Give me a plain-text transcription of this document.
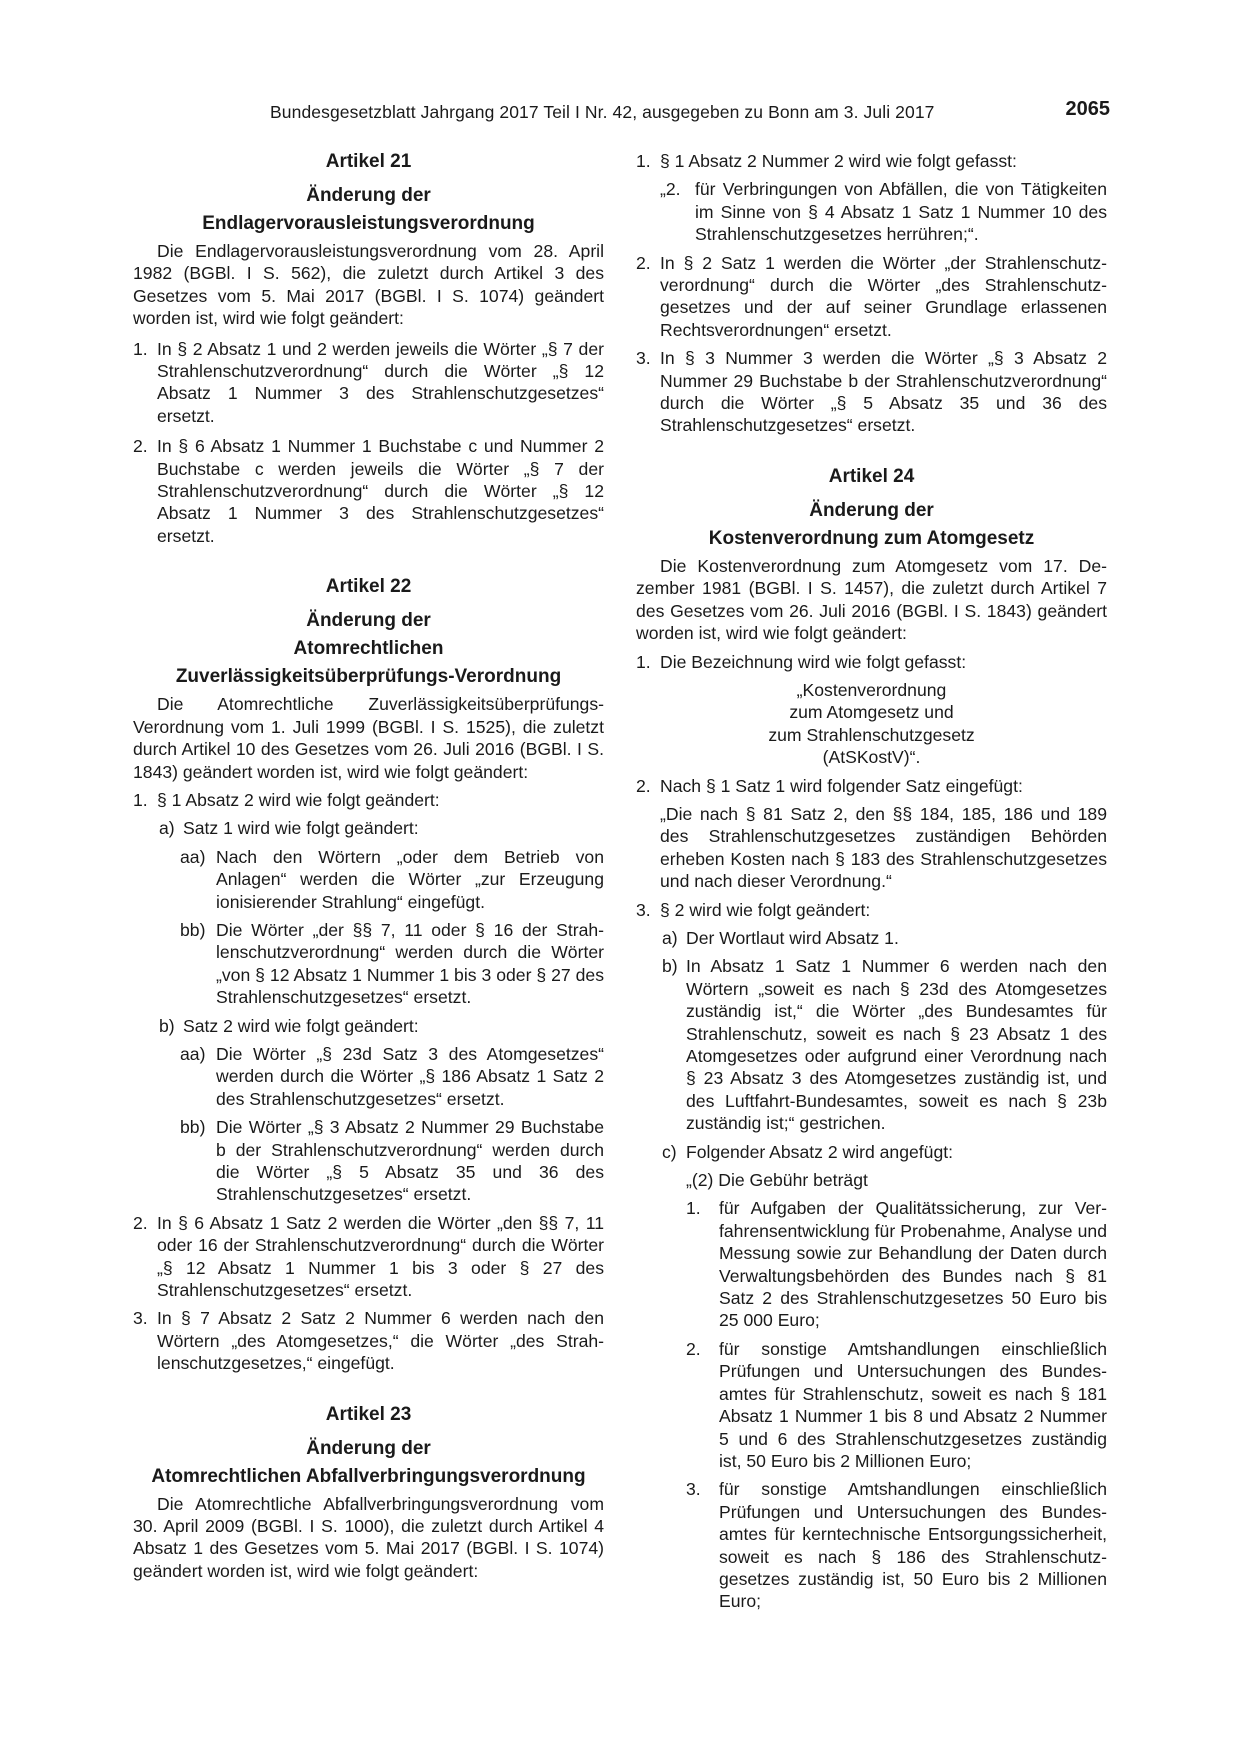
Bundesgesetzblatt Jahrgang 2017 Teil I Nr. 42, ausgegeben zu Bonn am 3. Juli 2017	2065
Artikel 21
Änderung der
Endlagervorausleistungsverordnung

Die Endlagervorausleistungsverordnung vom 28. April 1982 (BGBl. I S. 562), die zuletzt durch Artikel 3 des Gesetzes vom 5. Mai 2017 (BGBl. I S. 1074) geändert worden ist, wird wie folgt geändert:

1. In § 2 Absatz 1 und 2 werden jeweils die Wörter „§ 7 der Strahlenschutzverordnung“ durch die Wörter „§ 12 Absatz 1 Nummer 3 des Strahlenschutzgesetzes“ ersetzt.
2. In § 6 Absatz 1 Nummer 1 Buchstabe c und Nummer 2 Buchstabe c werden jeweils die Wörter „§ 7 der Strahlenschutzverordnung“ durch die Wörter „§ 12 Absatz 1 Nummer 3 des Strahlenschutzgesetzes“ ersetzt.
Artikel 22
Änderung der
Atomrechtlichen
Zuverlässigkeitsüberprüfungs-Verordnung

Die Atomrechtliche Zuverlässigkeitsüberprüfungs-Verordnung vom 1. Juli 1999 (BGBl. I S. 1525), die zuletzt durch Artikel 10 des Gesetzes vom 26. Juli 2016 (BGBl. I S. 1843) geändert worden ist, wird wie folgt geändert:

1. § 1 Absatz 2 wird wie folgt geändert:
a) Satz 1 wird wie folgt geändert:
aa) Nach den Wörtern „oder dem Betrieb von Anlagen“ werden die Wörter „zur Erzeugung ionisierender Strahlung“ eingefügt.
bb) Die Wörter „der §§ 7, 11 oder § 16 der Strahlenschutzverordnung“ werden durch die Wörter „von § 12 Absatz 1 Nummer 1 bis 3 oder § 27 des Strahlenschutzgesetzes“ ersetzt.
b) Satz 2 wird wie folgt geändert:
aa) Die Wörter „§ 23d Satz 3 des Atomgesetzes“ werden durch die Wörter „§ 186 Absatz 1 Satz 2 des Strahlenschutzgesetzes“ ersetzt.
bb) Die Wörter „§ 3 Absatz 2 Nummer 29 Buchstabe b der Strahlenschutzverordnung“ werden durch die Wörter „§ 5 Absatz 35 und 36 des Strahlenschutzgesetzes“ ersetzt.
2. In § 6 Absatz 1 Satz 2 werden die Wörter „den §§ 7, 11 oder 16 der Strahlenschutzverordnung“ durch die Wörter „§ 12 Absatz 1 Nummer 1 bis 3 oder § 27 des Strahlenschutzgesetzes“ ersetzt.
3. In § 7 Absatz 2 Satz 2 Nummer 6 werden nach den Wörtern „des Atomgesetzes,“ die Wörter „des Strahlenschutzgesetzes,“ eingefügt.
Artikel 23
Änderung der
Atomrechtlichen Abfallverbringungsverordnung

Die Atomrechtliche Abfallverbringungsverordnung vom 30. April 2009 (BGBl. I S. 1000), die zuletzt durch Artikel 4 Absatz 1 des Gesetzes vom 5. Mai 2017 (BGBl. I S. 1074) geändert worden ist, wird wie folgt geändert:

1. § 1 Absatz 2 Nummer 2 wird wie folgt gefasst:
„2. für Verbringungen von Abfällen, die von Tätigkeiten im Sinne von § 4 Absatz 1 Satz 1 Nummer 10 des Strahlenschutzgesetzes herrühren;“.
2. In § 2 Satz 1 werden die Wörter „der Strahlenschutzverordnung“ durch die Wörter „des Strahlenschutzgesetzes und der auf seiner Grundlage erlassenen Rechtsverordnungen“ ersetzt.
3. In § 3 Nummer 3 werden die Wörter „§ 3 Absatz 2 Nummer 29 Buchstabe b der Strahlenschutzverordnung“ durch die Wörter „§ 5 Absatz 35 und 36 des Strahlenschutzgesetzes“ ersetzt.
Artikel 24
Änderung der
Kostenverordnung zum Atomgesetz

Die Kostenverordnung zum Atomgesetz vom 17. Dezember 1981 (BGBl. I S. 1457), die zuletzt durch Artikel 7 des Gesetzes vom 26. Juli 2016 (BGBl. I S. 1843) geändert worden ist, wird wie folgt geändert:

1. Die Bezeichnung wird wie folgt gefasst:
„Kostenverordnung
zum Atomgesetz und
zum Strahlenschutzgesetz
(AtSKostV)“.
2. Nach § 1 Satz 1 wird folgender Satz eingefügt:

„Die nach § 81 Satz 2, den §§ 184, 185, 186 und 189 des Strahlenschutzgesetzes zuständigen Behörden erheben Kosten nach § 183 des Strahlenschutzgesetzes und nach dieser Verordnung.“

3. § 2 wird wie folgt geändert:
a) Der Wortlaut wird Absatz 1.
b) In Absatz 1 Satz 1 Nummer 6 werden nach den Wörtern „soweit es nach § 23d des Atomgesetzes zuständig ist,“ die Wörter „des Bundesamtes für Strahlenschutz, soweit es nach § 23 Absatz 1 des Atomgesetzes oder aufgrund einer Verordnung nach § 23 Absatz 3 des Atomgesetzes zuständig ist, und des Luftfahrt-Bundesamtes, soweit es nach § 23b zuständig ist;“ gestrichen.
c) Folgender Absatz 2 wird angefügt:
„(2) Die Gebühr beträgt
1. für Aufgaben der Qualitätssicherung, zur Verfahrensentwicklung für Probenahme, Analyse und Messung sowie zur Behandlung der Daten durch Verwaltungsbehörden des Bundes nach § 81 Satz 2 des Strahlenschutzgesetzes 50 Euro bis 25 000 Euro;
2. für sonstige Amtshandlungen einschließlich Prüfungen und Untersuchungen des Bundesamtes für Strahlenschutz, soweit es nach § 181 Absatz 1 Nummer 1 bis 8 und Absatz 2 Nummer 5 und 6 des Strahlenschutzgesetzes zuständig ist, 50 Euro bis 2 Millionen Euro;
3. für sonstige Amtshandlungen einschließlich Prüfungen und Untersuchungen des Bundesamtes für kerntechnische Entsorgungssicherheit, soweit es nach § 186 des Strahlenschutzgesetzes zuständig ist, 50 Euro bis 2 Millionen Euro;
